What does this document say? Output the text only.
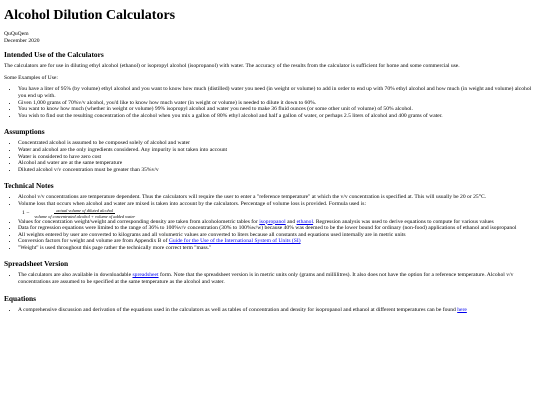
Alcohol Dilution Calculators
QuQuQem
December 2020
Intended Use of the Calculators

The calculators are for use in diluting ethyl alcohol (ethanol) or isopropyl alcohol (isopropanol) with water. The accuracy of the results from the calculator is sufficient for home and some commercial use.

Some Examples of Use:

• You have a liter of 95% (by volume) ethyl alcohol and you want to know how much (distilled) water you need (in weight or volume) to add in order to end up with 70% ethyl alcohol and how much (in weight and volume) alcohol you end up with.
• Given 1,000 grams of 70%v/v alcohol, you'd like to know how much water (in weight or volume) is needed to dilute it down to 60%.
• You want to know how much (whether in weight or volume) 99% isopropyl alcohol and water you need to make 36 fluid ounces (or some other unit of volume) of 50% alcohol.
• You wish to find out the resulting concentration of the alcohol when you mix a gallon of 80% ethyl alcohol and half a gallon of water, or perhaps 2.5 liters of alcohol and 400 grams of water.
Assumptions
• Concentrated alcohol is assumed to be composed solely of alcohol and water
• Water and alcohol are the only ingredients considered. Any impurity is not taken into account
• Water is considered to have zero cost
• Alcohol and water are at the same temperature
• Diluted alcohol v/v concentration must be greater than 35%v/v
Technical Notes
• Alcohol v/v concentrations are temperature dependent. Thus the calculators will require the user to enter a "reference temperature" at which the v/v concentration is specified at. This will usually be 20 or 25°C.
• Volume loss that occurs when alcohol and water are mixed is taken into account by the calculators. Percentage of volume loss is provided. Formula used is:
$1 - \frac{\text{actual volume of diluted alcohol}}{\text{volume of concentrated alcohol + volume of added water}}$
• Values for concentration weight/weight and corresponding density are taken from alcoholometric tables for isopropanol and ethanol. Regression analysis was used to derive equations to compute for various values
• Data for regression equations were limited to the range of 36% to 100%v/v concentration (30% to 100%w/w) because 40% was deemed to be the lower bound for ordinary (non-food) applications of ethanol and isopropanol
• All weights entered by user are converted to kilograms and all volumetric values are converted to liters because all constants and equations used internally are in metric units
• Conversion factors for weight and volume are from Appendix B of Guide for the Use of the International System of Units (SI)
• "Weight" is used throughout this page rather the technically more correct term "mass."
Spreadsheet Version
• The calculators are also available in downloadable spreadsheet form. Note that the spreadsheet version is in metric units only (grams and millilitres). It also does not have the option for a reference temperature. Alcohol v/v concentrations are assumed to be specified at the same temperature as the alcohol and water.
Equations
• A comprehensive discussion and derivation of the equations used in the calculators as well as tables of concentration and density for isopropanol and ethanol at different temperatures can be found here
